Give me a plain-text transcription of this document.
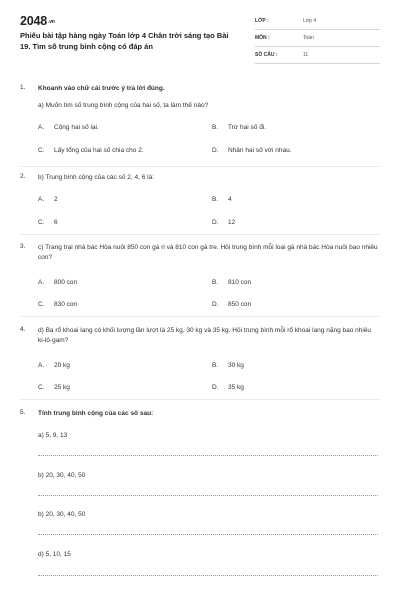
$2048_{.vn}$
Phiếu bài tập hàng ngày Toán lớp 4 Chân trời sáng tạo Bài 19. Tìm số trung bình cộng có đáp án
LỚP :	Lớp 4
MÔN :	Toán
SỐ CÂU :	11
1. Khoanh vào chữ cái trước ý trả lời đúng.
a) Muốn tìm số trung bình cộng của hai số, ta làm thế nào?
A. Cộng hai số lại.	B. Trừ hai số đi.
C. Lấy tổng của hai số chia cho 2.	D. Nhân hai số với nhau.
2. b) Trung bình cộng của các số 2, 4, 6 là:
A. 2	B. 4
C. 6	D. 12
3. c) Trang trại nhà bác Hòa nuôi 850 con gà ri và 810 con gà tre. Hỏi trung bình mỗi loại gà nhà bác Hòa nuôi bao nhiêu con?
A. 800 con	B. 810 con
C. 830 con	D. 850 con
4. d) Ba rổ khoai lang có khối lượng lần lượt là 25 kg, 30 kg và 35 kg. Hỏi trung bình mỗi rổ khoai lang nặng bao nhiêu ki-lô-gam?
A. 20 kg	B. 30 kg
C. 25 kg	D. 35 kg
5. Tính trung bình cộng của các số sau:
a) 5, 9, 13
b) 20, 30, 40, 50
b) 20, 30, 40, 50
d) 5, 10, 15
